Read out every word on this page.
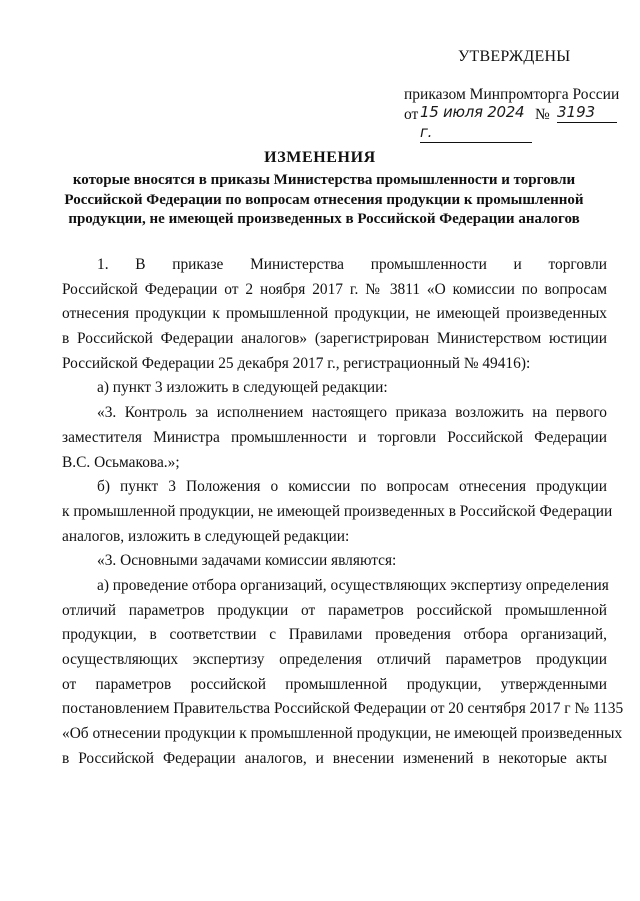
УТВЕРЖДЕНЫ
приказом Минпромторга России
от 15 июля 2024 г.
№ 3193
ИЗМЕНЕНИЯ
которые вносятся в приказы Министерства промышленности и торговли
Российской Федерации по вопросам отнесения продукции к промышленной
продукции, не имеющей произведенных в Российской Федерации аналогов
1. В приказе Министерства промышленности и торговли
Российской Федерации от 2 ноября 2017 г. № 3811 «О комиссии по вопросам
отнесения продукции к промышленной продукции, не имеющей произведенных
в Российской Федерации аналогов» (зарегистрирован Министерством юстиции
Российской Федерации 25 декабря 2017 г., регистрационный № 49416):
а) пункт 3 изложить в следующей редакции:
«3. Контроль за исполнением настоящего приказа возложить на первого
заместителя Министра промышленности и торговли Российской Федерации
В.С. Осьмакова.»;
б) пункт 3 Положения о комиссии по вопросам отнесения продукции
к промышленной продукции, не имеющей произведенных в Российской Федерации
аналогов, изложить в следующей редакции:
«3. Основными задачами комиссии являются:
а) проведение отбора организаций, осуществляющих экспертизу определения
отличий параметров продукции от параметров российской промышленной
продукции, в соответствии с Правилами проведения отбора организаций,
осуществляющих экспертизу определения отличий параметров продукции
от параметров российской промышленной продукции, утвержденными
постановлением Правительства Российской Федерации от 20 сентября 2017 г № 1135
«Об отнесении продукции к промышленной продукции, не имеющей произведенных
в Российской Федерации аналогов, и внесении изменений в некоторые акты
